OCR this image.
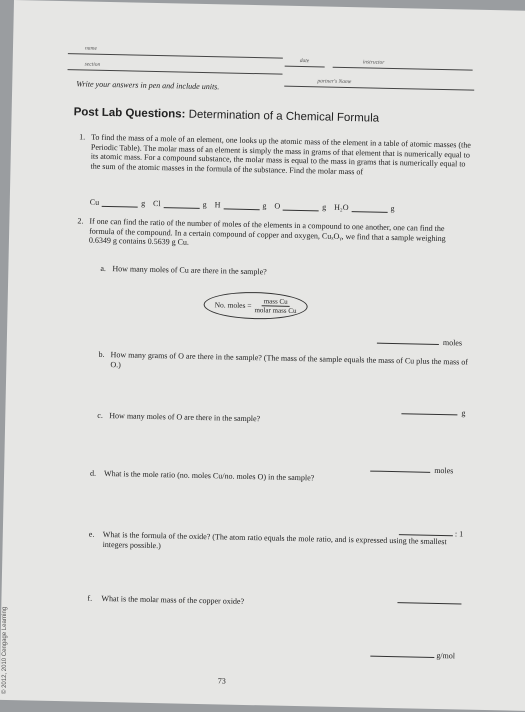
name
section
date	instructor
partner's Name
Write your answers in pen and include units.
Post Lab Questions: Determination of a Chemical Formula
1. To find the mass of a mole of an element, one looks up the atomic mass of the element in a table of atomic masses (the Periodic Table). The molar mass of an element is simply the mass in grams of that element that is numerically equal to its atomic mass. For a compound substance, the molar mass is equal to the mass in grams that is numerically equal to the sum of the atomic masses in the formula of the substance. Find the molar mass of
Cu	g Cl	g H	g O	g H₂O	g
2. If one can find the ratio of the number of moles of the elements in a compound to one another, one can find the formula of the compound. In a certain compound of copper and oxygen, CuₓOᵧ, we find that a sample weighing 0.6349 g contains 0.5639 g Cu.
a. How many moles of Cu are there in the sample?
No. moles = $\frac{\text{mass Cu}}{\text{molar mass Cu}}$
moles
b. How many grams of O are there in the sample? (The mass of the sample equals the mass of Cu plus the mass of O.)
g
c. How many moles of O are there in the sample?
moles
d. What is the mole ratio (no. moles Cu/no. moles O) in the sample?
: 1
e. What is the formula of the oxide? (The atom ratio equals the mole ratio, and is expressed using the smallest integers possible.)
f. What is the molar mass of the copper oxide?
g/mol
73
© 2012, 2010 Cengage Learning
